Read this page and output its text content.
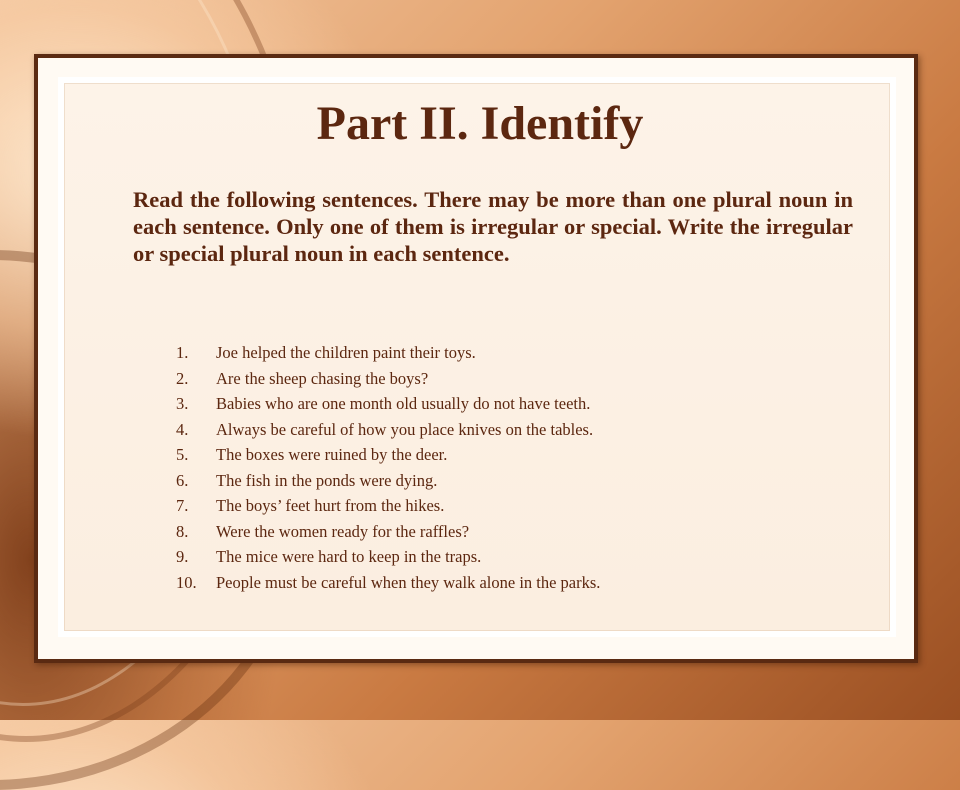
Part II. Identify

Read the following sentences. There may be more than one plural noun in each sentence. Only one of them is irregular or special. Write the irregular or special plural noun in each sentence.

1.	Joe helped the children paint their toys.
2.	Are the sheep chasing the boys?
3.	Babies who are one month old usually do not have teeth.
4.	Always be careful of how you place knives on the tables.
5.	The boxes were ruined by the deer.
6.	The fish in the ponds were dying.
7.	The boys’ feet hurt from the hikes.
8.	Were the women ready for the raffles?
9.	The mice were hard to keep in the traps.
10.	People must be careful when they walk alone in the parks.
